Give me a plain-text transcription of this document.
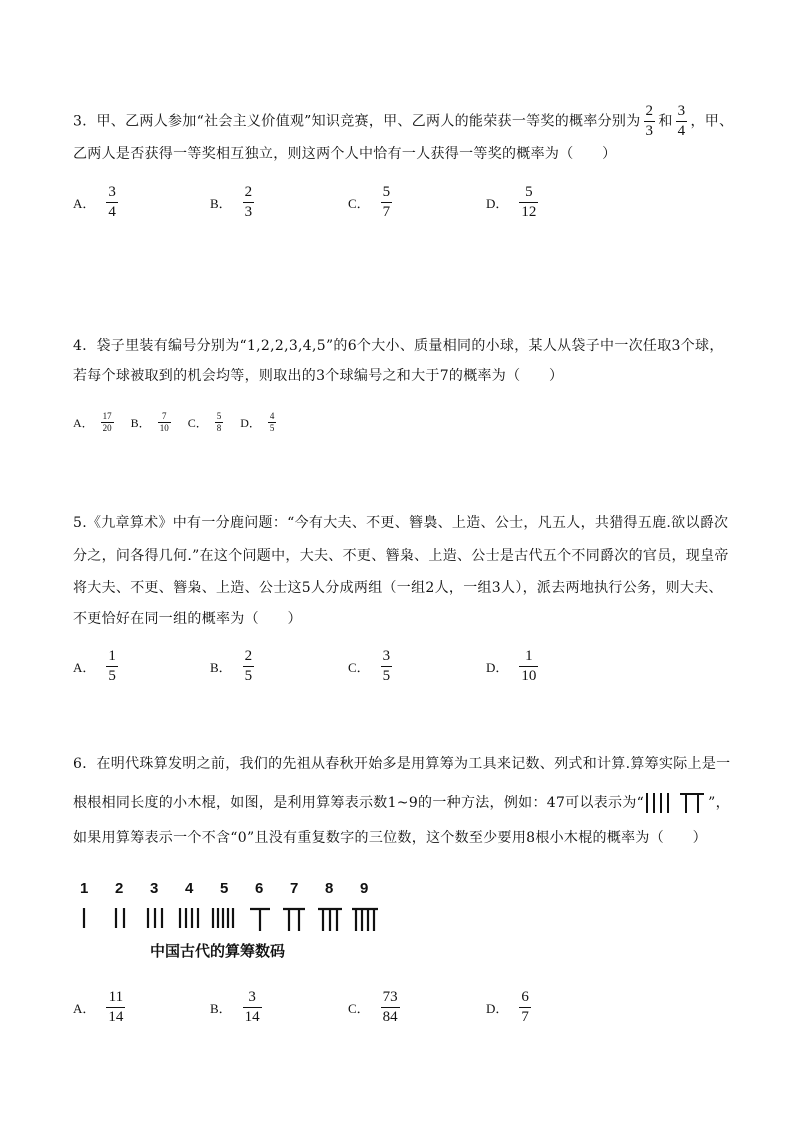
3．甲、乙两人参加“社会主义价值观”知识竞赛，甲、乙两人的能荣获一等奖的概率分别为 $\frac{2}{3}$ 和 $\frac{3}{4}$ ，甲、
乙两人是否获得一等奖相互独立，则这两个人中恰有一人获得一等奖的概率为（　　）
A． $\frac{3}{4}$	B． $\frac{2}{3}$	C． $\frac{5}{7}$	D． $\frac{5}{12}$
4．袋子里装有编号分别为“1,2,2,3,4,5”的6个大小、质量相同的小球，某人从袋子中一次任取3个球，
若每个球被取到的机会均等，则取出的3个球编号之和大于7的概率为（　　）
A． $\frac{17}{20}$ B． $\frac{7}{10}$ C． $\frac{5}{8}$ D． $\frac{4}{5}$
5.《九章算术》中有一分鹿问题：“今有大夫、不更、簪裊、上造、公士，凡五人，共猎得五鹿.欲以爵次
分之，问各得几何.”在这个问题中，大夫、不更、簪枭、上造、公士是古代五个不同爵次的官员，现皇帝
将大夫、不更、簪枭、上造、公士这5人分成两组（一组2人，一组3人），派去两地执行公务，则大夫、
不更恰好在同一组的概率为（　　）
A． $\frac{1}{5}$	B． $\frac{2}{5}$	C． $\frac{3}{5}$	D． $\frac{1}{10}$
6．在明代珠算发明之前，我们的先祖从春秋开始多是用算筹为工具来记数、列式和计算.算筹实际上是一
根根相同长度的小木棍，如图，是利用算筹表示数1~9的一种方法，例如：47可以表示为“	”，
如果用算筹表示一个不含“0”且没有重复数字的三位数，这个数至少要用8根小木棍的概率为（　　）
1 2 3 4 5 6 7 8 9
中国古代的算筹数码
A． $\frac{11}{14}$	B． $\frac{3}{14}$	C． $\frac{73}{84}$	D． $\frac{6}{7}$
